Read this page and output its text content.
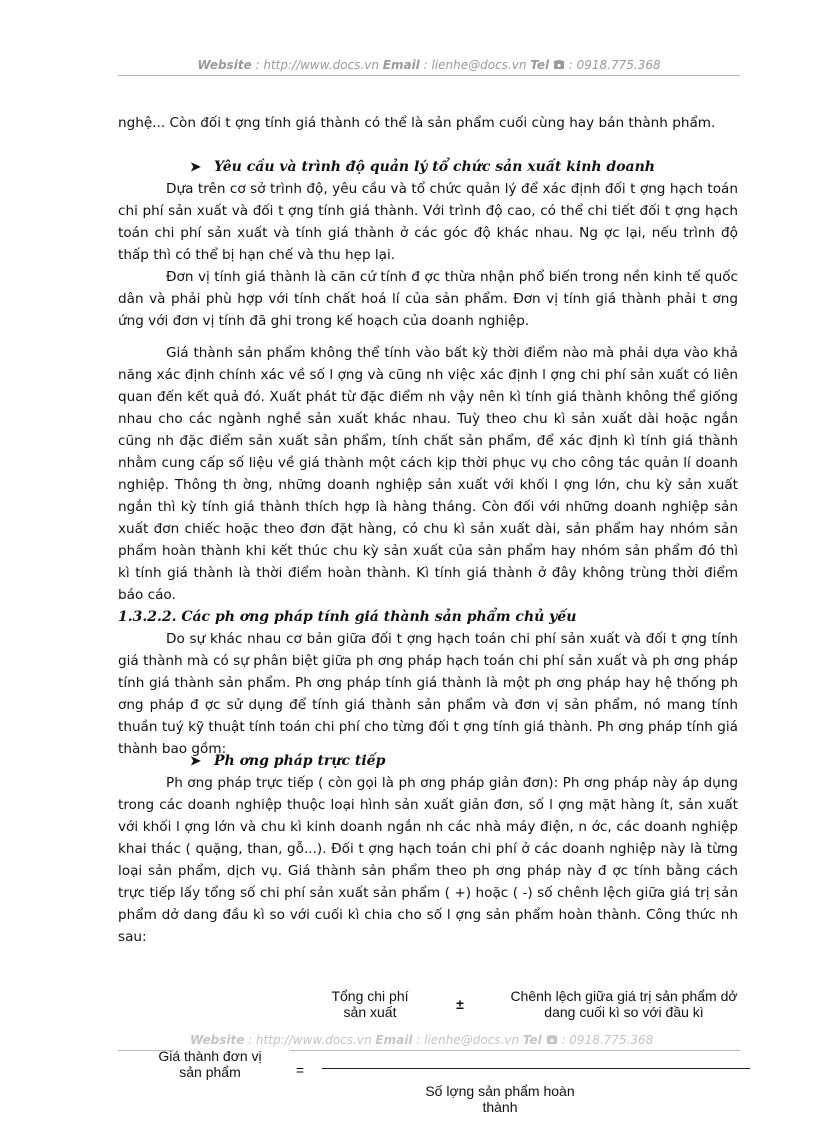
Website : http://www.docs.vn Email : lienhe@docs.vn Tel  : 0918.775.368

nghệ... Còn đối t ợng tính giá thành có thể là sản phẩm cuối cùng hay bán thành phẩm.

➤ Yêu cầu và trình độ quản lý tổ chức sản xuất kinh doanh

Dựa trên cơ sở trình độ, yêu cầu và tổ chức quản lý để xác định đối t ợng hạch toán chi phí sản xuất và đối t ợng tính giá thành. Với trình độ cao, có thể chi tiết đối t ợng hạch toán chi phí sản xuất và tính giá thành ở các góc độ khác nhau. Ng ợc lại, nếu trình độ thấp thì có thể bị hạn chế và thu hẹp lại.

Đơn vị tính giá thành là căn cứ tính đ ợc thừa nhận phổ biến trong nền kinh tế quốc dân và phải phù hợp với tính chất hoá lí của sản phẩm. Đơn vị tính giá thành phải t ơng ứng với đơn vị tính đã ghi trong kế hoạch của doanh nghiệp.

Giá thành sản phẩm không thể tính vào bất kỳ thời điểm nào mà phải dựa vào khả năng xác định chính xác về số l ợng và cũng nh việc xác định l ợng chi phí sản xuất có liên quan đến kết quả đó. Xuất phát từ đặc điểm nh vậy nên kì tính giá thành không thể giống nhau cho các ngành nghề sản xuất khác nhau. Tuỳ theo chu kì sản xuất dài hoặc ngắn cũng nh đặc điểm sản xuất sản phẩm, tính chất sản phẩm, để xác định kì tính giá thành nhằm cung cấp số liệu về giá thành một cách kịp thời phục vụ cho công tác quản lí doanh nghiệp. Thông th ờng, những doanh nghiệp sản xuất với khối l ợng lớn, chu kỳ sản xuất ngắn thì kỳ tính giá thành thích hợp là hàng tháng. Còn đối với những doanh nghiệp sản xuất đơn chiếc hoặc theo đơn đặt hàng, có chu kì sản xuất dài, sản phẩm hay nhóm sản phẩm hoàn thành khi kết thúc chu kỳ sản xuất của sản phẩm hay nhóm sản phẩm đó thì kì tính giá thành là thời điểm hoàn thành. Kì tính giá thành ở đây không trùng thời điểm báo cáo.

1.3.2.2. Các ph ơng pháp tính giá thành sản phẩm chủ yếu

Do sự khác nhau cơ bản giữa đối t ợng hạch toán chi phí sản xuất và đối t ợng tính giá thành mà có sự phân biệt giữa ph ơng pháp hạch toán chi phí sản xuất và ph ơng pháp tính giá thành sản phẩm. Ph ơng pháp tính giá thành là một ph ơng pháp hay hệ thống ph ơng pháp đ ợc sử dụng để tính giá thành sản phẩm và đơn vị sản phẩm, nó mang tính thuần tuý kỹ thuật tính toán chi phí cho từng đối t ợng tính giá thành. Ph ơng pháp tính giá thành bao gồm:

➤ Ph ơng pháp trực tiếp

Ph ơng pháp trực tiếp ( còn gọi là ph ơng pháp giản đơn): Ph ơng pháp này áp dụng trong các doanh nghiệp thuộc loại hình sản xuất giản đơn, số l ợng mặt hàng ít, sản xuất với khối l ợng lớn và chu kì kinh doanh ngắn nh các nhà máy điện, n ớc, các doanh nghiệp khai thác ( quặng, than, gỗ...). Đối t ợng hạch toán chi phí ở các doanh nghiệp này là từng loại sản phẩm, dịch vụ. Giá thành sản phẩm theo ph ơng pháp này đ ợc tính bằng cách trực tiếp lấy tổng số chi phí sản xuất sản phẩm ( +) hoặc ( -) số chênh lệch giữa giá trị sản phẩm dở dang đầu kì so với cuối kì chia cho số l ợng sản phẩm hoàn thành. Công thức nh sau:

Tổng chi phí
sản xuất	±	Chênh lệch giữa giá trị sản phẩm dở
dang cuối kì so với đầu kì
Website : http://www.docs.vn Email : lienhe@docs.vn Tel  : 0918.775.368
Giá thành đơn vị
sản phẩm	=
Số lợng sản phẩm hoàn
thành
